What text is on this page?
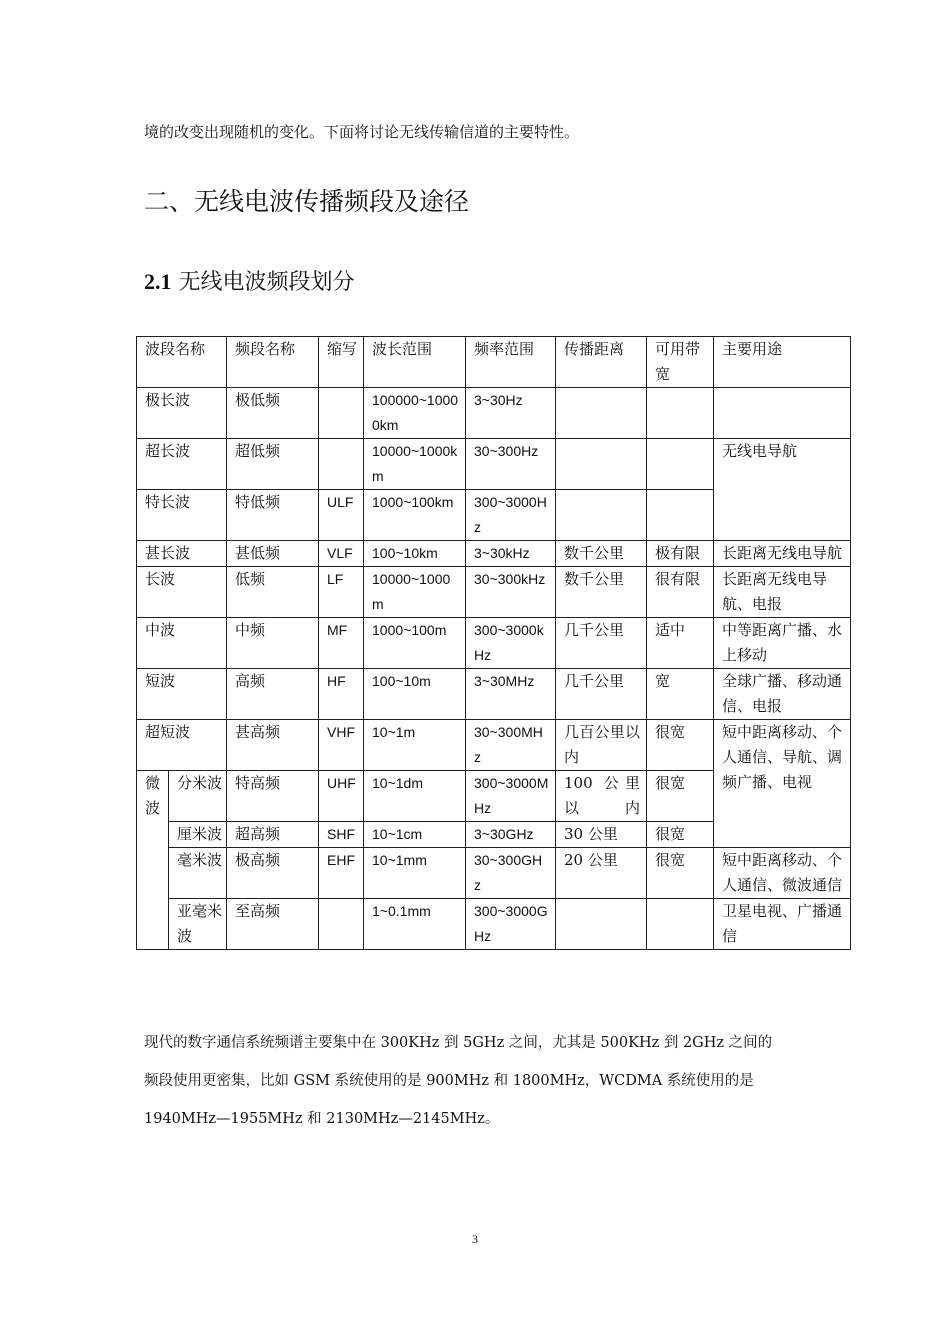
境的改变出现随机的变化。下面将讨论无线传输信道的主要特性。
二、无线电波传播频段及途径
2.1 无线电波频段划分
波段名称		频段名称	缩写	波长范围	频率范围	传播距离	可用带宽	主要用途
极长波		极低频		100000~10000km	3~30Hz			
超长波		超低频		10000~1000km	30~300Hz			无线电导航
特长波		特低频	ULF	1000~100km	300~3000Hz			
甚长波		甚低频	VLF	100~10km	3~30kHz	数千公里	极有限	长距离无线电导航
长波		低频	LF	10000~1000m	30~300kHz	数千公里	很有限	长距离无线电导航、电报
中波		中频	MF	1000~100m	300~3000kHz	几千公里	适中	中等距离广播、水上移动
短波		高频	HF	100~10m	3~30MHz	几千公里	宽	全球广播、移动通信、电报
超短波		甚高频	VHF	10~1m	30~300MHz	几百公里以内	很宽	短中距离移动、个人通信、导航、调频广播、电视
微波	分米波	特高频	UHF	10~1dm	300~3000MHz	100 公里以内	很宽	
	厘米波	超高频	SHF	10~1cm	3~30GHz	30 公里	很宽	
	毫米波	极高频	EHF	10~1mm	30~300GHz	20 公里	很宽	短中距离移动、个人通信、微波通信
	亚毫米波	至高频		1~0.1mm	300~3000GHz			卫星电视、广播通信
现代的数字通信系统频谱主要集中在 300KHz 到 5GHz 之间，尤其是 500KHz 到 2GHz 之间的
频段使用更密集，比如 GSM 系统使用的是 900MHz 和 1800MHz，WCDMA 系统使用的是
1940MHz—1955MHz 和 2130MHz—2145MHz。
3
